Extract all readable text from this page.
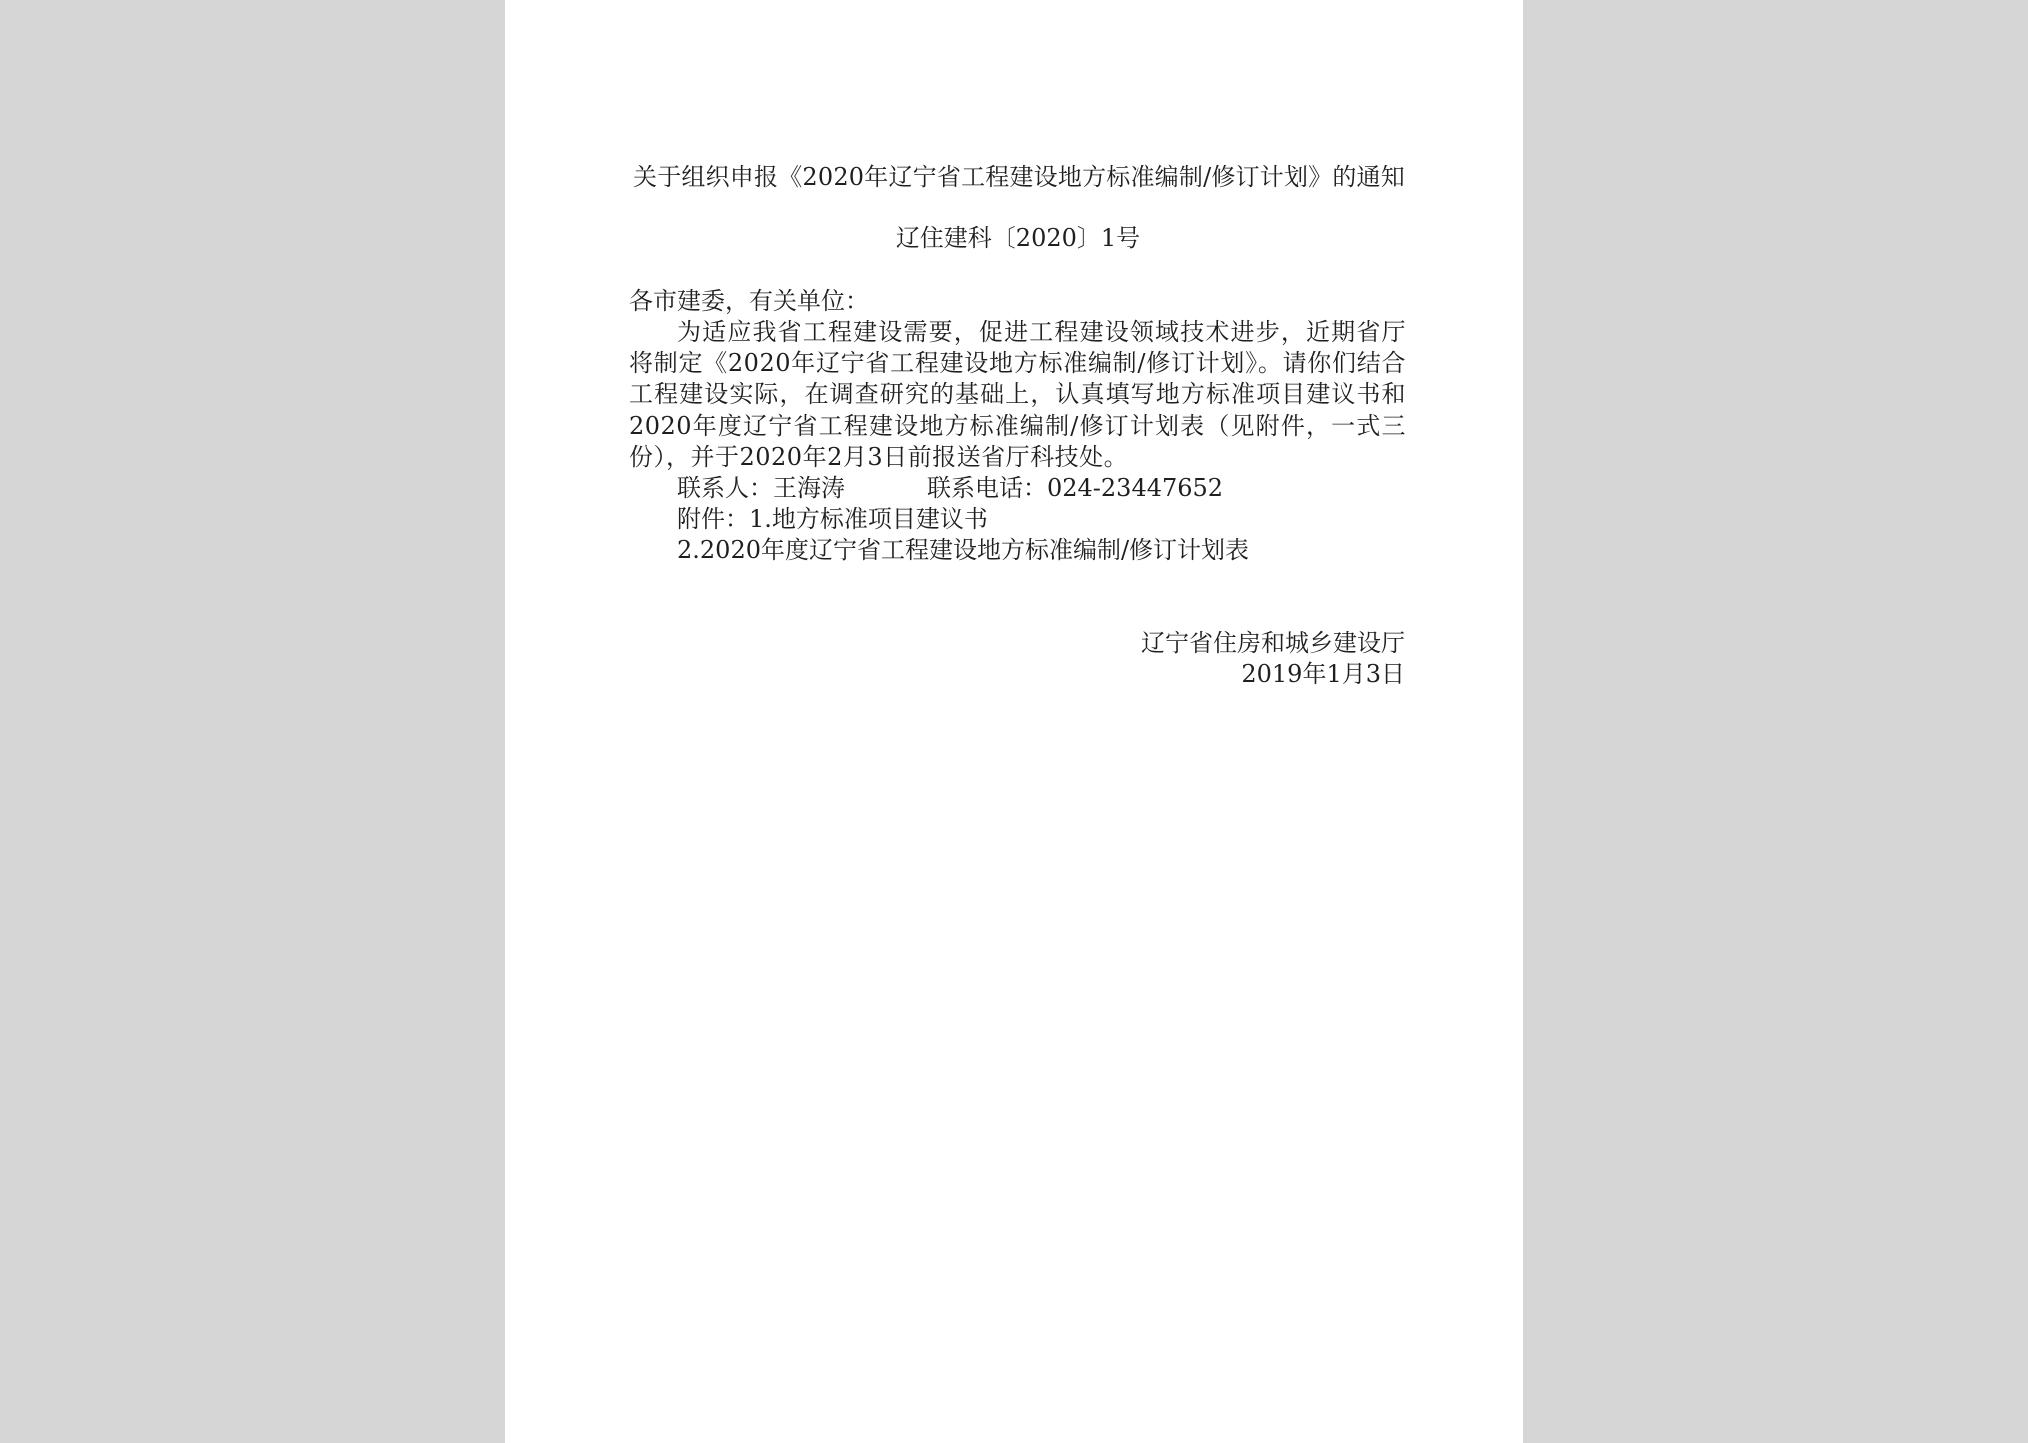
关于组织申报《2020年辽宁省工程建设地方标准编制/修订计划》的通知
辽住建科〔2020〕1号
各市建委，有关单位：
为适应我省工程建设需要，促进工程建设领域技术进步，近期省厅将制定《2020年辽宁省工程建设地方标准编制/修订计划》。请你们结合工程建设实际，在调查研究的基础上，认真填写地方标准项目建议书和2020年度辽宁省工程建设地方标准编制/修订计划表（见附件，一式三份），并于2020年2月3日前报送省厅科技处。
联系人：王海涛	联系电话：024-23447652
附件：1.地方标准项目建议书
2.2020年度辽宁省工程建设地方标准编制/修订计划表
辽宁省住房和城乡建设厅
2019年1月3日
